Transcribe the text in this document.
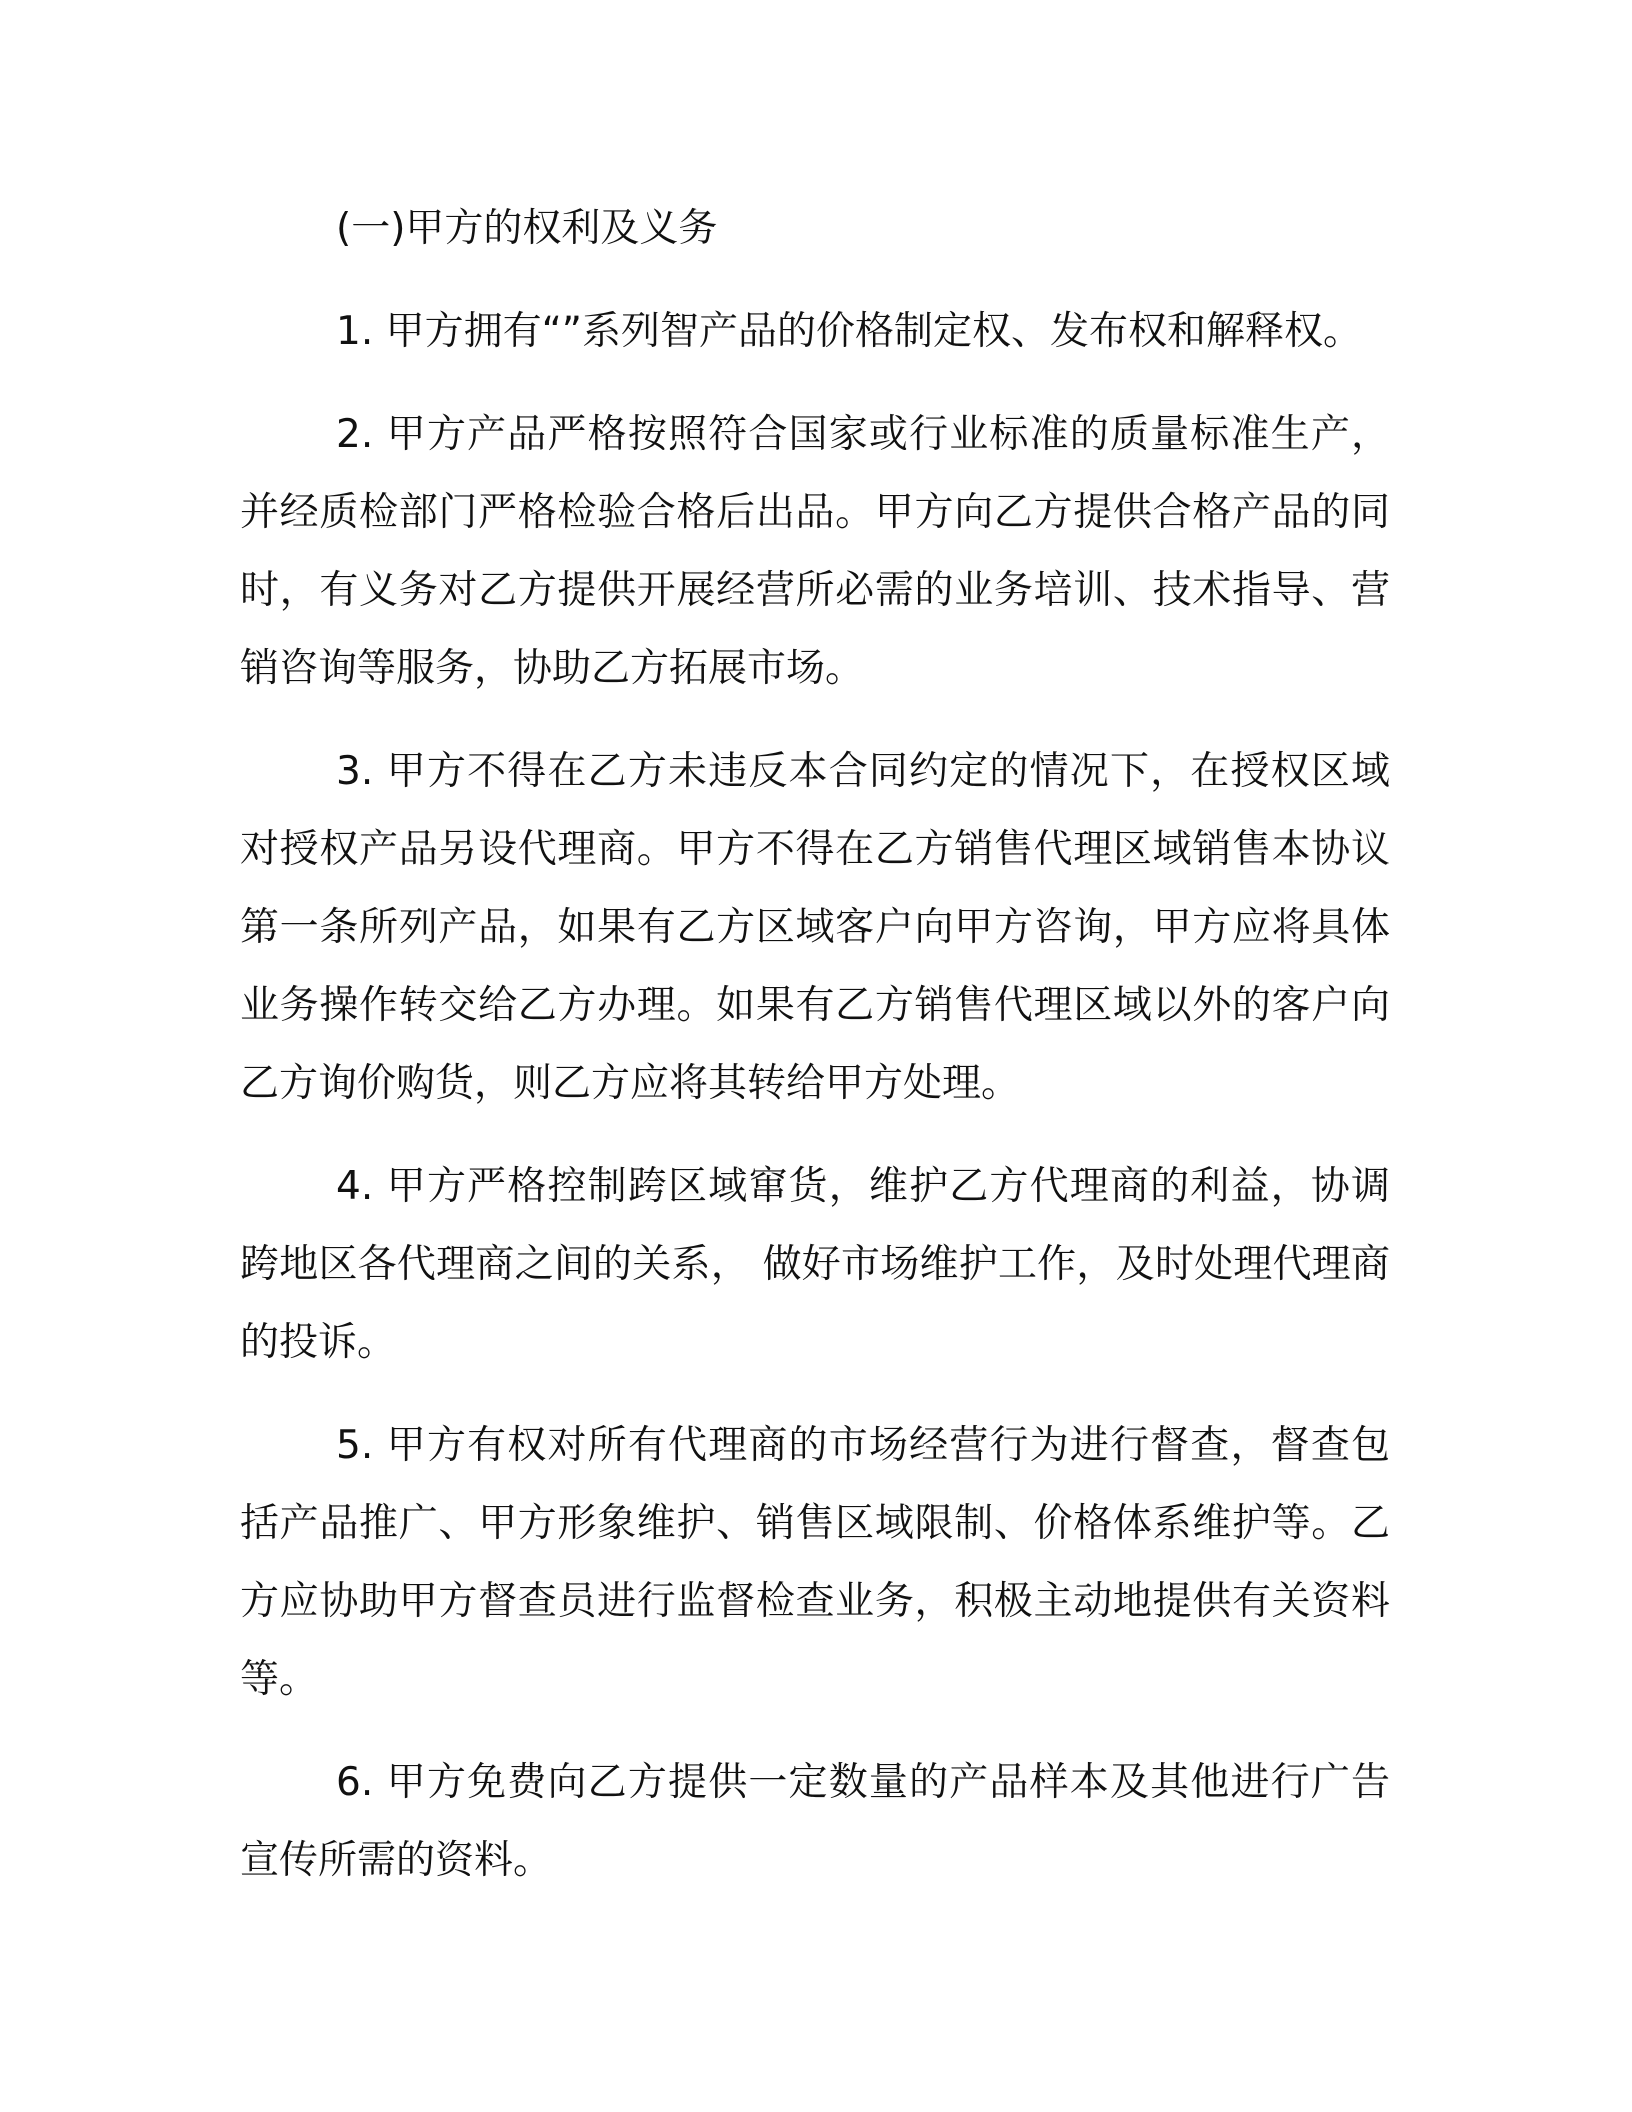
(一)甲方的权利及义务

1. 甲方拥有“”系列智产品的价格制定权、发布权和解释权。

2. 甲方产品严格按照符合国家或行业标准的质量标准生产，并经质检部门严格检验合格后出品。甲方向乙方提供合格产品的同时，有义务对乙方提供开展经营所必需的业务培训、技术指导、营销咨询等服务，协助乙方拓展市场。

3. 甲方不得在乙方未违反本合同约定的情况下，在授权区域对授权产品另设代理商。甲方不得在乙方销售代理区域销售本协议第一条所列产品，如果有乙方区域客户向甲方咨询，甲方应将具体业务操作转交给乙方办理。如果有乙方销售代理区域以外的客户向乙方询价购货，则乙方应将其转给甲方处理。

4. 甲方严格控制跨区域窜货，维护乙方代理商的利益，协调跨地区各代理商之间的关系， 做好市场维护工作，及时处理代理商的投诉。

5. 甲方有权对所有代理商的市场经营行为进行督查，督查包括产品推广、甲方形象维护、销售区域限制、价格体系维护等。乙方应协助甲方督查员进行监督检查业务，积极主动地提供有关资料等。

6. 甲方免费向乙方提供一定数量的产品样本及其他进行广告宣传所需的资料。
